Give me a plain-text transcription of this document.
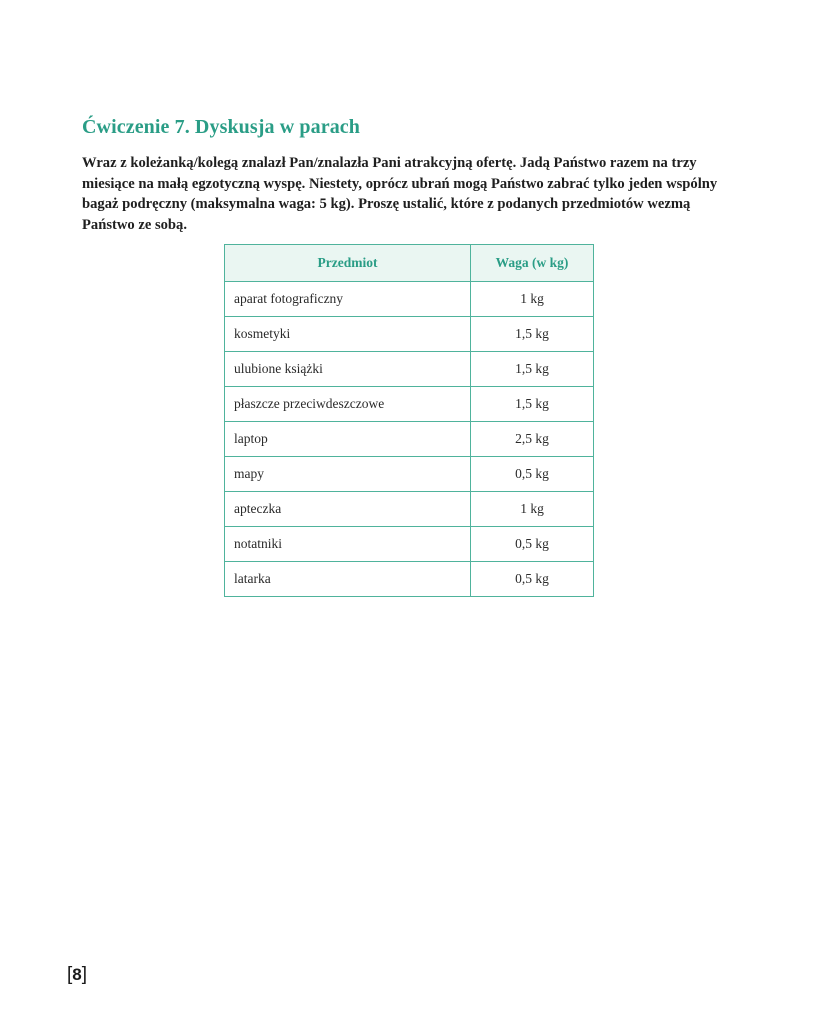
Ćwiczenie 7. Dyskusja w parach

Wraz z koleżanką/kolegą znalazł Pan/znalazła Pani atrakcyjną ofertę. Jadą Państwo razem na trzy miesiące na małą egzotyczną wyspę. Niestety, oprócz ubrań mogą Państwo zabrać tylko jeden wspólny bagaż podręczny (maksymalna waga: 5 kg). Proszę ustalić, które z podanych przedmiotów wezmą Państwo ze sobą.

Przedmiot	Waga (w kg)
aparat fotograficzny	1 kg
kosmetyki	1,5 kg
ulubione książki	1,5 kg
płaszcze przeciwdeszczowe	1,5 kg
laptop	2,5 kg
mapy	0,5 kg
apteczka	1 kg
notatniki	0,5 kg
latarka	0,5 kg
[8]
